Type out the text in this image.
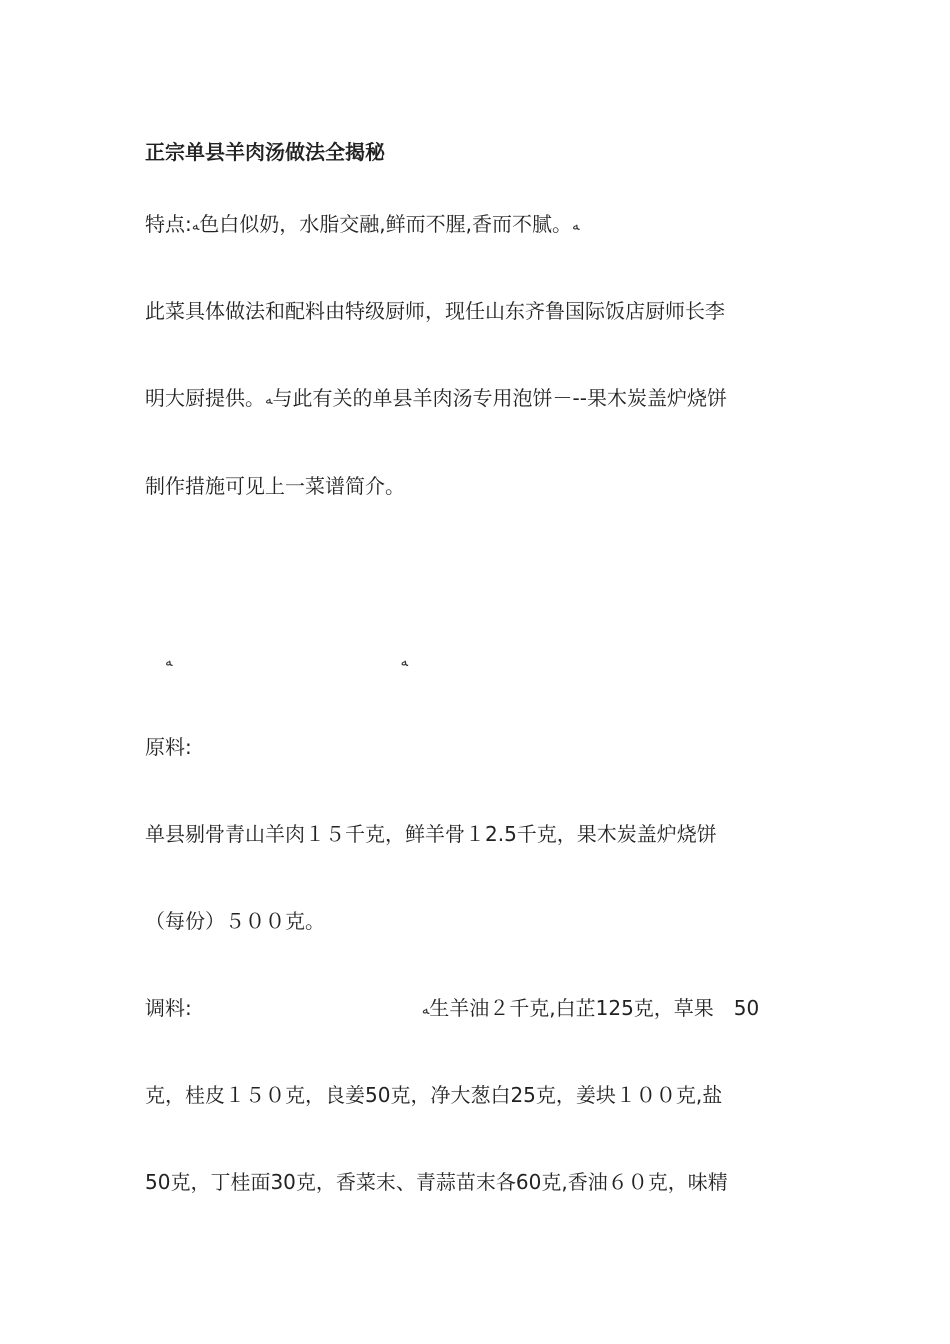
正宗单县羊肉汤做法全揭秘
特点:ﻪ色白似奶，水脂交融,鲜而不腥,香而不腻。ﻪ
此菜具体做法和配料由特级厨师，现任山东齐鲁国际饭店厨师长李
明大厨提供。ﻪ与此有关的单县羊肉汤专用泡饼－--果木炭盖炉烧饼
制作措施可见上一菜谱简介。
ﻪ	ﻪ
原料:
单县剔骨青山羊肉１５千克，鲜羊骨１2.5千克，果木炭盖炉烧饼
（每份）５００克。
调料:	ﻪ生羊油２千克,白芷125克，草果　50
克，桂皮１５０克，良姜50克，净大葱白25克，姜块１００克,盐
50克，丁桂面30克，香菜末、青蒜苗末各60克,香油６０克，味精
